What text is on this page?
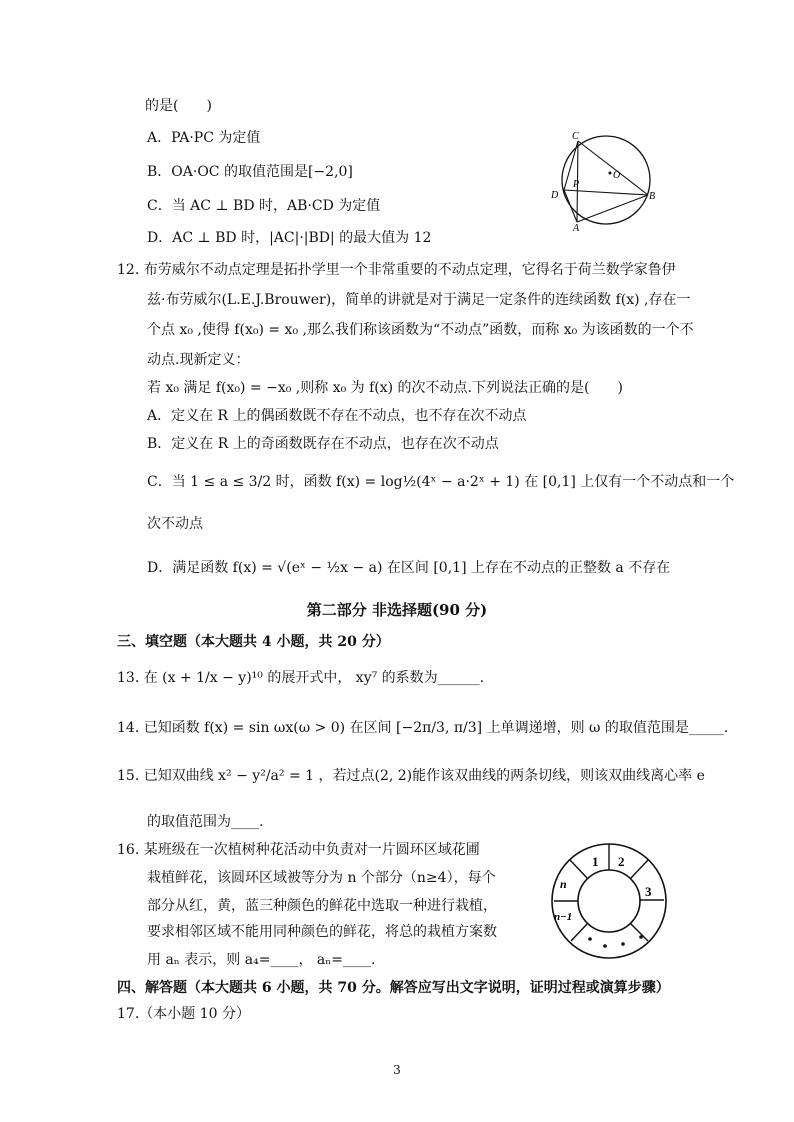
的是(　　)
A．PA·PC 为定值
B．OA·OC 的取值范围是[−2,0]
C．当 AC ⊥ BD 时，AB·CD 为定值
D．AC ⊥ BD 时，|AC|·|BD| 的最大值为 12
C
P
O
B
D
A
12. 布劳威尔不动点定理是拓扑学里一个非常重要的不动点定理，它得名于荷兰数学家鲁伊
兹·布劳威尔(L.E.J.Brouwer)，简单的讲就是对于满足一定条件的连续函数 f(x) ,存在一
个点 x₀ ,使得 f(x₀) = x₀ ,那么我们称该函数为“不动点”函数，而称 x₀ 为该函数的一个不
动点.现新定义：
若 x₀ 满足 f(x₀) = −x₀ ,则称 x₀ 为 f(x) 的次不动点.下列说法正确的是(　　)
A．定义在 R 上的偶函数既不存在不动点，也不存在次不动点
B．定义在 R 上的奇函数既存在不动点，也存在次不动点
C．当 1 ≤ a ≤ 3/2 时，函数 f(x) = log½(4ˣ − a·2ˣ + 1) 在 [0,1] 上仅有一个不动点和一个
次不动点
D．满足函数 f(x) = √(eˣ − ½x − a) 在区间 [0,1] 上存在不动点的正整数 a 不存在
第二部分 非选择题(90 分)
三、填空题（本大题共 4 小题，共 20 分）
13. 在 (x + 1/x − y)¹⁰ 的展开式中， xy⁷ 的系数为______.
14. 已知函数 f(x) = sin ωx(ω > 0) 在区间 [−2π/3, π/3] 上单调递增，则 ω 的取值范围是_____.
15. 已知双曲线 x² − y²/a² = 1 ，若过点(2, 2)能作该双曲线的两条切线，则该双曲线离心率 e
的取值范围为____.
16. 某班级在一次植树种花活动中负责对一片圆环区域花圃
栽植鲜花，该圆环区域被等分为 n 个部分（n≥4），每个
部分从红，黄，蓝三种颜色的鲜花中选取一种进行栽植，
要求相邻区域不能用同种颜色的鲜花，将总的栽植方案数
用 aₙ 表示，则 a₄=____， aₙ=____.
1 2
3
n
n−1
四、解答题（本大题共 6 小题，共 70 分。解答应写出文字说明，证明过程或演算步骤）
17.（本小题 10 分）
3
